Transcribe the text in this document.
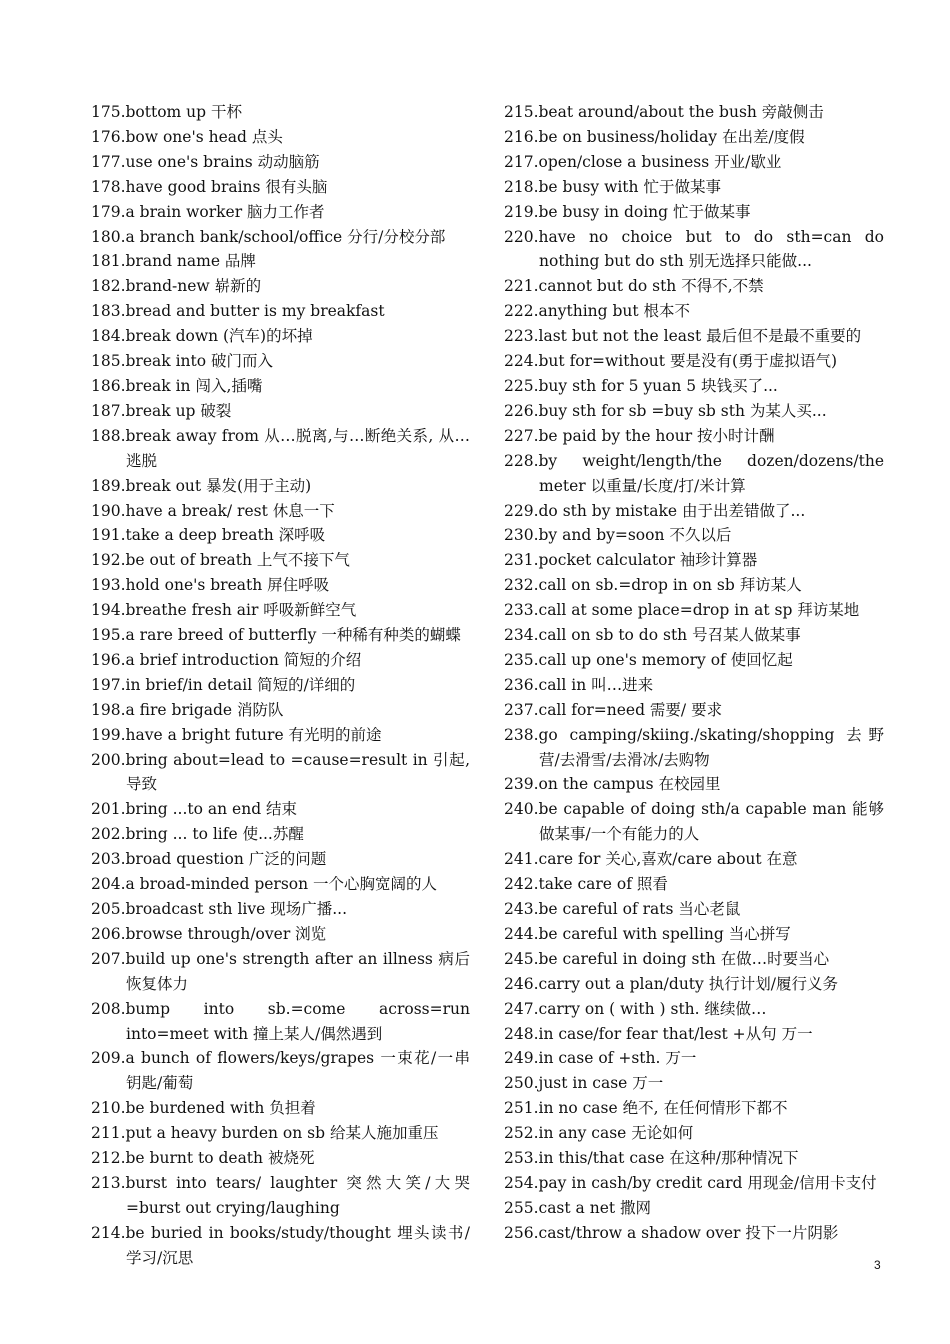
175.bottom up 干杯
176.bow one's head 点头
177.use one's brains 动动脑筋
178.have good brains 很有头脑
179.a brain worker 脑力工作者
180.a branch bank/school/office 分行/分校分部
181.brand name 品牌
182.brand-new 崭新的
183.bread and butter is my breakfast
184.break down (汽车)的坏掉
185.break into 破门而入
186.break in 闯入,插嘴
187.break up 破裂
188.break away from 从…脱离,与…断绝关系, 从…逃脱
189.break out 暴发(用于主动)
190.have a break/ rest 休息一下
191.take a deep breath 深呼吸
192.be out of breath 上气不接下气
193.hold one's breath 屏住呼吸
194.breathe fresh air 呼吸新鲜空气
195.a rare breed of butterfly 一种稀有种类的蝴蝶
196.a brief introduction 简短的介绍
197.in brief/in detail 简短的/详细的
198.a fire brigade 消防队
199.have a bright future 有光明的前途
200.bring about=lead to =cause=result in 引起,导致
201.bring ...to an end 结束
202.bring ... to life 使...苏醒
203.broad question 广泛的问题
204.a broad-minded person 一个心胸宽阔的人
205.broadcast sth live 现场广播...
206.browse through/over 浏览
207.build up one's strength after an illness 病后恢复体力
208.bump into sb.=come across=run into=meet with 撞上某人/偶然遇到
209.a bunch of flowers/keys/grapes 一束花/一串钥匙/葡萄
210.be burdened with 负担着
211.put a heavy burden on sb 给某人施加重压
212.be burnt to death 被烧死
213.burst into tears/ laughter 突然大笑/大哭=burst out crying/laughing
214.be buried in books/study/thought 埋头读书/学习/沉思
215.beat around/about the bush 旁敲侧击
216.be on business/holiday 在出差/度假
217.open/close a business 开业/歇业
218.be busy with 忙于做某事
219.be busy in doing 忙于做某事
220.have no choice but to do sth=can do nothing but do sth 别无选择只能做...
221.cannot but do sth 不得不,不禁
222.anything but 根本不
223.last but not the least 最后但不是最不重要的
224.but for=without 要是没有(勇于虚拟语气)
225.buy sth for 5 yuan 5 块钱买了...
226.buy sth for sb =buy sb sth 为某人买...
227.be paid by the hour 按小时计酬
228.by weight/length/the dozen/dozens/the meter 以重量/长度/打/米计算
229.do sth by mistake 由于出差错做了...
230.by and by=soon 不久以后
231.pocket calculator 袖珍计算器
232.call on sb.=drop in on sb 拜访某人
233.call at some place=drop in at sp 拜访某地
234.call on sb to do sth 号召某人做某事
235.call up one's memory of 使回忆起
236.call in 叫…进来
237.call for=need 需要/ 要求
238.go camping/skiing./skating/shopping 去野营/去滑雪/去滑冰/去购物
239.on the campus 在校园里
240.be capable of doing sth/a capable man 能够做某事/一个有能力的人
241.care for 关心,喜欢/care about 在意
242.take care of 照看
243.be careful of rats 当心老鼠
244.be careful with spelling 当心拼写
245.be careful in doing sth 在做…时要当心
246.carry out a plan/duty 执行计划/履行义务
247.carry on ( with ) sth. 继续做…
248.in case/for fear that/lest +从句 万一
249.in case of +sth. 万一
250.just in case 万一
251.in no case 绝不, 在任何情形下都不
252.in any case 无论如何
253.in this/that case 在这种/那种情况下
254.pay in cash/by credit card 用现金/信用卡支付
255.cast a net 撒网
256.cast/throw a shadow over 投下一片阴影
3
